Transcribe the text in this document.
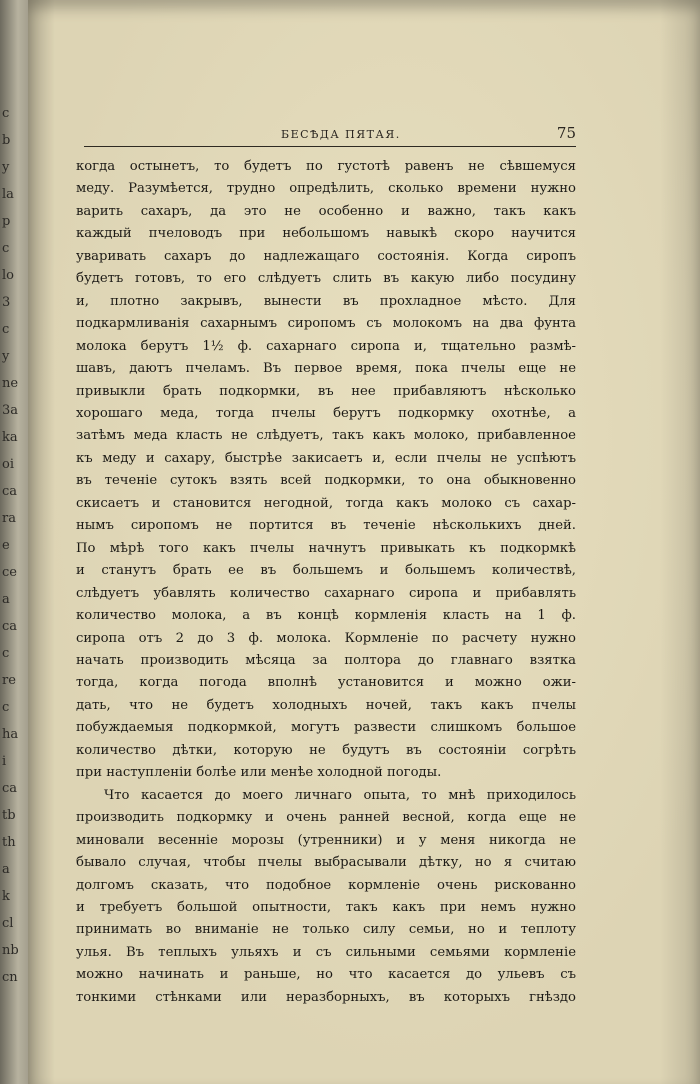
c
b
y
la
p
c
lo
3
c
y
ne
3a
ka
oi
ca
ra
e
ce
a
ca
c
re
c
ha
i
ca
tb
th
a
k
cl
nb
cn
БЕСѢДА ПЯТАЯ.	75
когда остынетъ, то будетъ по густотѣ равенъ не сѣвшемуся
меду. Разумѣется, трудно опредѣлить, сколько времени нужно
варить сахаръ, да это не особенно и важно, такъ какъ
каждый пчеловодъ при небольшомъ навыкѣ скоро научится
уваривать сахаръ до надлежащаго состоянія. Когда сиропъ
будетъ готовъ, то его слѣдуетъ слить въ какую либо посудину
и, плотно закрывъ, вынести въ прохладное мѣсто. Для
подкармливанія сахарнымъ сиропомъ съ молокомъ на два фунта
молока берутъ 1½ ф. сахарнаго сиропа и, тщательно размѣ-
шавъ, даютъ пчеламъ. Въ первое время, пока пчелы еще не
привыкли брать подкормки, въ нее прибавляютъ нѣсколько
хорошаго меда, тогда пчелы берутъ подкормку охотнѣе, а
затѣмъ меда класть не слѣдуетъ, такъ какъ молоко, прибавленное
къ меду и сахару, быстрѣе закисаетъ и, если пчелы не успѣютъ
въ теченіе сутокъ взять всей подкормки, то она обыкновенно
скисаетъ и становится негодной, тогда какъ молоко съ сахар-
нымъ сиропомъ не портится въ теченіе нѣсколькихъ дней.
По мѣрѣ того какъ пчелы начнутъ привыкать къ подкормкѣ
и станутъ брать ее въ большемъ и большемъ количествѣ,
слѣдуетъ убавлять количество сахарнаго сиропа и прибавлять
количество молока, а въ концѣ кормленія класть на 1 ф.
сиропа отъ 2 до 3 ф. молока. Кормленіе по расчету нужно
начать производить мѣсяца за полтора до главнаго взятка
тогда, когда погода вполнѣ установится и можно ожи-
дать, что не будетъ холодныхъ ночей, такъ какъ пчелы
побуждаемыя подкормкой, могутъ развести слишкомъ большое
количество дѣтки, которую не будутъ въ состояніи согрѣть
при наступленіи болѣе или менѣе холодной погоды.
Что касается до моего личнаго опыта, то мнѣ приходилось
производить подкормку и очень ранней весной, когда еще не
миновали весенніе морозы (утренники) и у меня никогда не
бывало случая, чтобы пчелы выбрасывали дѣтку, но я считаю
долгомъ сказать, что подобное кормленіе очень рискованно
и требуетъ большой опытности, такъ какъ при немъ нужно
принимать во вниманіе не только силу семьи, но и теплоту
улья. Въ теплыхъ ульяхъ и съ сильными семьями кормленіе
можно начинать и раньше, но что касается до ульевъ съ
тонкими стѣнками или неразборныхъ, въ которыхъ гнѣздо
